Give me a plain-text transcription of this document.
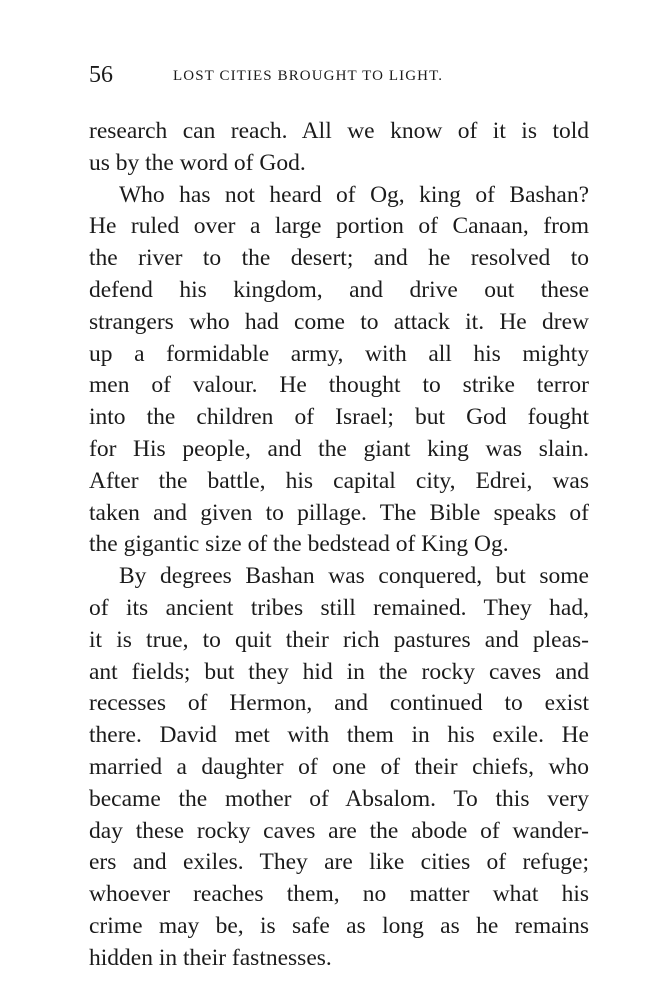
56	LOST CITIES BROUGHT TO LIGHT.
research can reach. All we know of it is told
us by the word of God.
Who has not heard of Og, king of Bashan?
He ruled over a large portion of Canaan, from
the river to the desert; and he resolved to
defend his kingdom, and drive out these
strangers who had come to attack it. He drew
up a formidable army, with all his mighty
men of valour. He thought to strike terror
into the children of Israel; but God fought
for His people, and the giant king was slain.
After the battle, his capital city, Edrei, was
taken and given to pillage. The Bible speaks of
the gigantic size of the bedstead of King Og.
By degrees Bashan was conquered, but some
of its ancient tribes still remained. They had,
it is true, to quit their rich pastures and pleas-
ant fields; but they hid in the rocky caves and
recesses of Hermon, and continued to exist
there. David met with them in his exile. He
married a daughter of one of their chiefs, who
became the mother of Absalom. To this very
day these rocky caves are the abode of wander-
ers and exiles. They are like cities of refuge;
whoever reaches them, no matter what his
crime may be, is safe as long as he remains
hidden in their fastnesses.
